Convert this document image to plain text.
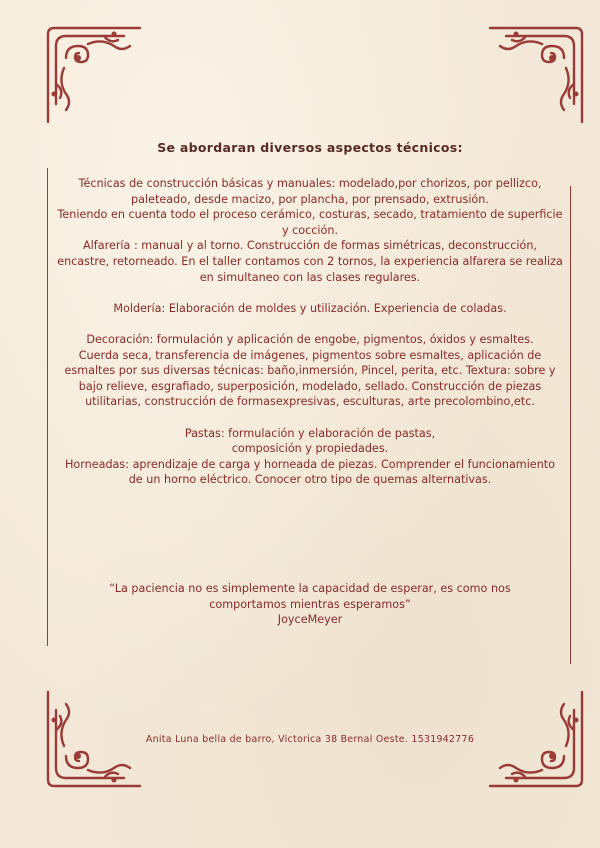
Se abordaran diversos aspectos técnicos:

Técnicas de construcción básicas y manuales: modelado,por chorizos, por pellizco, paleteado, desde macizo, por plancha, por prensado, extrusión.

Teniendo en cuenta todo el proceso cerámico, costuras, secado, tratamiento de superficie y cocción.

Alfarería : manual y al torno. Construcción de formas simétricas, deconstrucción, encastre, retorneado. En el taller contamos con 2 tornos, la experiencia alfarera se realiza en simultaneo con las clases regulares.

Moldería: Elaboración de moldes y utilización. Experiencia de coladas.

Decoración: formulación y aplicación de engobe, pigmentos, óxidos y esmaltes.

Cuerda seca, transferencia de imágenes, pigmentos sobre esmaltes, aplicación de esmaltes por sus diversas técnicas: baño,inmersión, Pincel, perita, etc. Textura: sobre y bajo relieve, esgrafiado, superposición, modelado, sellado. Construcción de piezas utilitarias, construcción de formasexpresivas, esculturas, arte precolombino,etc.

Pastas: formulación y elaboración de pastas,

composición y propiedades.

Horneadas: aprendizaje de carga y horneada de piezas. Comprender el funcionamiento de un horno eléctrico. Conocer otro tipo de quemas alternativas.

“La paciencia no es simplemente la capacidad de esperar, es como nos comportamos mientras esperamos”

JoyceMeyer

Anita Luna bella de barro, Victorica 38 Bernal Oeste. 1531942776
